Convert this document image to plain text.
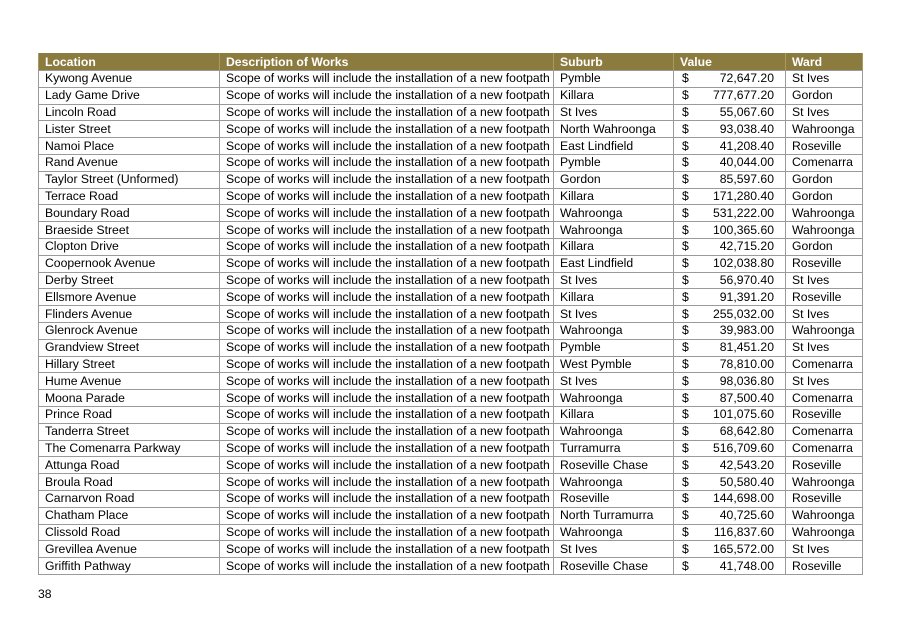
Location	Description of Works	Suburb	Value	Ward
Kywong Avenue	Scope of works will include the installation of a new footpath	Pymble	$ 72,647.20	St Ives
Lady Game Drive	Scope of works will include the installation of a new footpath	Killara	$ 777,677.20	Gordon
Lincoln Road	Scope of works will include the installation of a new footpath	St Ives	$ 55,067.60	St Ives
Lister Street	Scope of works will include the installation of a new footpath	North Wahroonga	$ 93,038.40	Wahroonga
Namoi Place	Scope of works will include the installation of a new footpath	East Lindfield	$ 41,208.40	Roseville
Rand Avenue	Scope of works will include the installation of a new footpath	Pymble	$ 40,044.00	Comenarra
Taylor Street (Unformed)	Scope of works will include the installation of a new footpath	Gordon	$ 85,597.60	Gordon
Terrace Road	Scope of works will include the installation of a new footpath	Killara	$ 171,280.40	Gordon
Boundary Road	Scope of works will include the installation of a new footpath	Wahroonga	$ 531,222.00	Wahroonga
Braeside Street	Scope of works will include the installation of a new footpath	Wahroonga	$ 100,365.60	Wahroonga
Clopton Drive	Scope of works will include the installation of a new footpath	Killara	$ 42,715.20	Gordon
Coopernook Avenue	Scope of works will include the installation of a new footpath	East Lindfield	$ 102,038.80	Roseville
Derby Street	Scope of works will include the installation of a new footpath	St Ives	$ 56,970.40	St Ives
Ellsmore Avenue	Scope of works will include the installation of a new footpath	Killara	$ 91,391.20	Roseville
Flinders Avenue	Scope of works will include the installation of a new footpath	St Ives	$ 255,032.00	St Ives
Glenrock Avenue	Scope of works will include the installation of a new footpath	Wahroonga	$ 39,983.00	Wahroonga
Grandview Street	Scope of works will include the installation of a new footpath	Pymble	$ 81,451.20	St Ives
Hillary Street	Scope of works will include the installation of a new footpath	West Pymble	$ 78,810.00	Comenarra
Hume Avenue	Scope of works will include the installation of a new footpath	St Ives	$ 98,036.80	St Ives
Moona Parade	Scope of works will include the installation of a new footpath	Wahroonga	$ 87,500.40	Comenarra
Prince Road	Scope of works will include the installation of a new footpath	Killara	$ 101,075.60	Roseville
Tanderra Street	Scope of works will include the installation of a new footpath	Wahroonga	$ 68,642.80	Comenarra
The Comenarra Parkway	Scope of works will include the installation of a new footpath	Turramurra	$ 516,709.60	Comenarra
Attunga Road	Scope of works will include the installation of a new footpath	Roseville Chase	$ 42,543.20	Roseville
Broula Road	Scope of works will include the installation of a new footpath	Wahroonga	$ 50,580.40	Wahroonga
Carnarvon Road	Scope of works will include the installation of a new footpath	Roseville	$ 144,698.00	Roseville
Chatham Place	Scope of works will include the installation of a new footpath	North Turramurra	$ 40,725.60	Wahroonga
Clissold Road	Scope of works will include the installation of a new footpath	Wahroonga	$ 116,837.60	Wahroonga
Grevillea Avenue	Scope of works will include the installation of a new footpath	St Ives	$ 165,572.00	St Ives
Griffith Pathway	Scope of works will include the installation of a new footpath	Roseville Chase	$ 41,748.00	Roseville
38
